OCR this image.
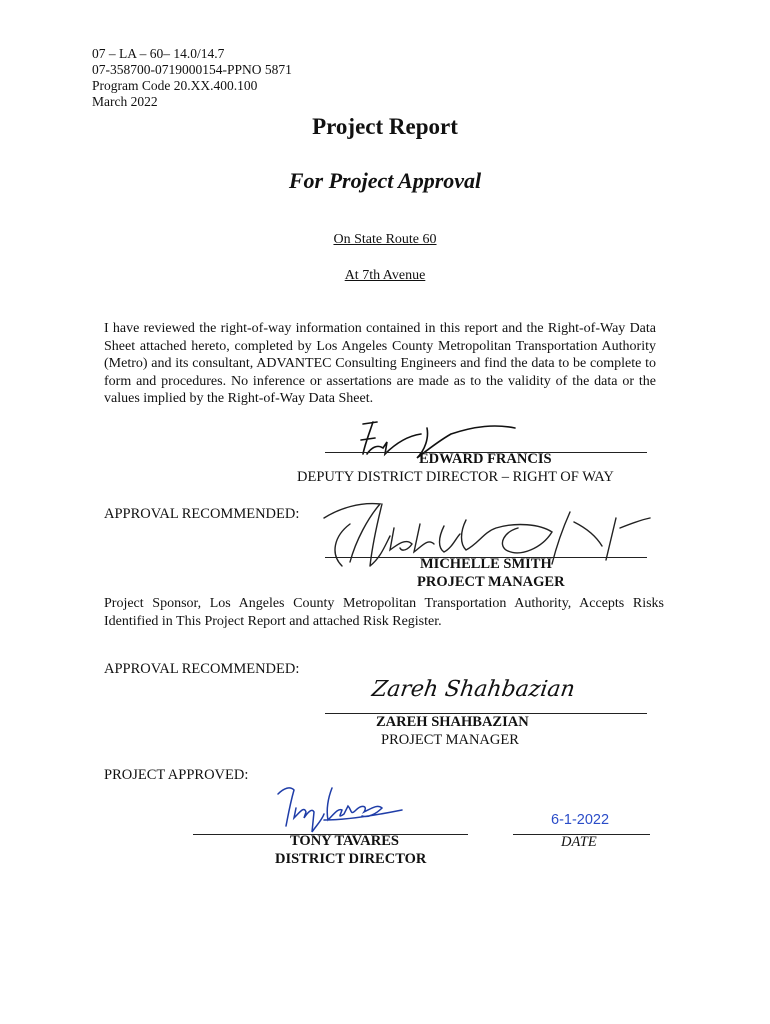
07 – LA – 60– 14.0/14.7
07-358700-0719000154-PPNO 5871
Program Code 20.XX.400.100
March 2022
Project Report
For Project Approval
On State Route 60
At 7th Avenue
I have reviewed the right-of-way information contained in this report and the Right-of-Way Data Sheet attached hereto, completed by Los Angeles County Metropolitan Transportation Authority (Metro) and its consultant, ADVANTEC Consulting Engineers and find the data to be complete to form and procedures. No inference or assertations are made as to the validity of the data or the values implied by the Right-of-Way Data Sheet.
EDWARD FRANCIS
DEPUTY DISTRICT DIRECTOR – RIGHT OF WAY
APPROVAL RECOMMENDED:
MICHELLE SMITH
PROJECT MANAGER
Project Sponsor, Los Angeles County Metropolitan Transportation Authority, Accepts Risks Identified in This Project Report and attached Risk Register.
APPROVAL RECOMMENDED:
Zareh Shahbazian
ZAREH SHAHBAZIAN
PROJECT MANAGER
PROJECT APPROVED:
TONY TAVARES
DISTRICT DIRECTOR
6-1-2022
DATE
